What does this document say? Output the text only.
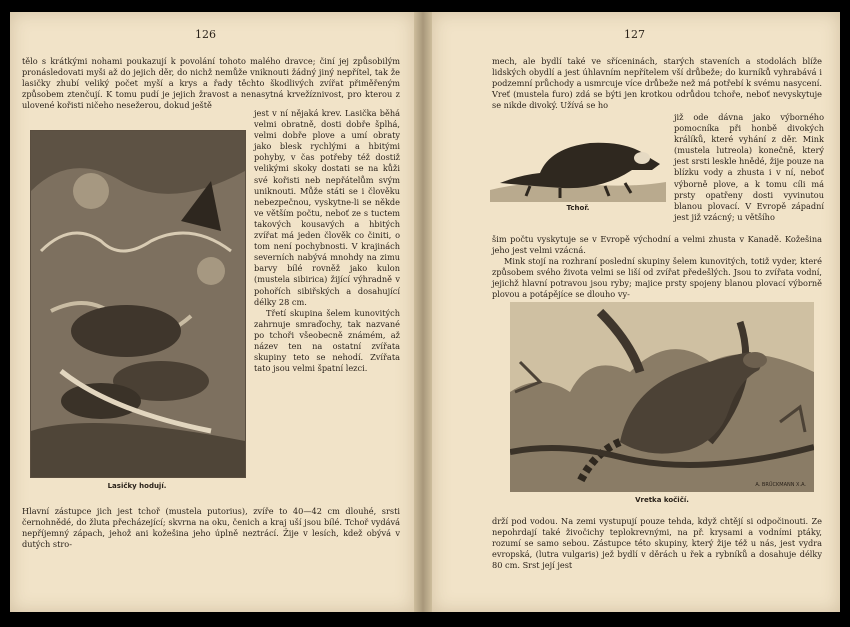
126

tělo s krátkými nohami poukazují k povolání tohoto malého dravce; činí jej způsobilým pronásledovati myši až do jejich děr, do nichž nemůže vniknouti žádný jiný nepřítel, tak že lasičky zhubí veliký počet myší a krys a řady těchto škodlivých zvířat přiměřeným způsobem ztenčují. K tomu pudí je jejich žravost a nenasytná krvežíznivost, pro kterou z ulovené kořisti ničeho nesežerou, dokud ještě

Lasičky hodují.

jest v ní nějaká krev. Lasička běhá velmi obratně, dosti dobře šplhá, velmi dobře plove a umí obraty jako blesk rychlými a hbitými pohyby, v čas potřeby též dostiž velikými skoky dostati se na kůži své kořisti neb nepřátelům svým uniknouti. Může státi se i člověku nebezpečnou, vyskytne-li se někde ve větším počtu, neboť ze s tuctem takových kousavých a hbitých zvířat má jeden člověk co činiti, o tom není pochybnosti. V krajinách severních nabývá mnohdy na zimu barvy bílé rovněž jako kulon (mustela sibirica) žijící výhradně v pohořích sibiřských a dosahující délky 28 cm.

Třetí skupina šelem kunovitých zahrnuje smraďochy, tak nazvané po tchoři všeobecně známém, až název ten na ostatní zvířata skupiny teto se nehodí. Zvířata tato jsou velmi špatní lezci.

Hlavní zástupce jich jest tchoř (mustela putorius), zvíře to 40—42 cm dlouhé, srsti černohnědé, do žluta přecházející; skvrna na oku, čenich a kraj uší jsou bílé. Tchoř vydává nepříjemný zápach, jehož ani kožešina jeho úplně neztrácí. Žije v lesích, kdež obývá v dutých stro-

127

mech, ale bydlí také ve sříceninách, starých staveních a stodolách blíže lidských obydlí a jest úhlavním nepřítelem vší drůbeže; do kurníků vyhrabává i podzemní průchody a usmrcuje více drůbeže než má potřebí k svému nasycení. Vreť (mustela furo) zdá se býti jen krotkou odrůdou tchoře, neboť nevyskytuje se nikde divoký. Užívá se ho

Tchoř.

již ode dávna jako výborného pomocníka při honbě divokých králíků, které vyhání z děr. Mink (mustela lutreola) konečně, který jest srsti leskle hnědé, žije pouze na blízku vody a zhusta i v ní, neboť výborně plove, a k tomu cíli má prsty opatřeny dosti vyvinutou blanou plovací. V Evropě západní jest již vzácný; u většího

šim počtu vyskytuje se v Evropě východní a velmi zhusta v Kanadě. Kožešina jeho jest velmi vzácná.

Mink stojí na rozhraní poslední skupiny šelem kunovitých, totiž vyder, které způsobem svého života velmi se liší od zvířat předešlých. Jsou to zvířata vodní, jejichž hlavní potravou jsou ryby; majice prsty spojeny blanou plovací výborně plovou a potápějíce se dlouho vy-

A. BRÜCKMANN X.A.
Vretka kočičí.

drží pod vodou. Na zemi vystupují pouze tehda, když chtějí si odpočinouti. Ze nepohrdají také živočichy teplokrevnými, na př. krysami a vodními ptáky, rozumí se samo sebou. Zástupce této skupiny, který žije též u nás, jest vydra evropská, (lutra vulgaris) jež bydlí v děrách u řek a rybníků a dosahuje délky 80 cm. Srst její jest
